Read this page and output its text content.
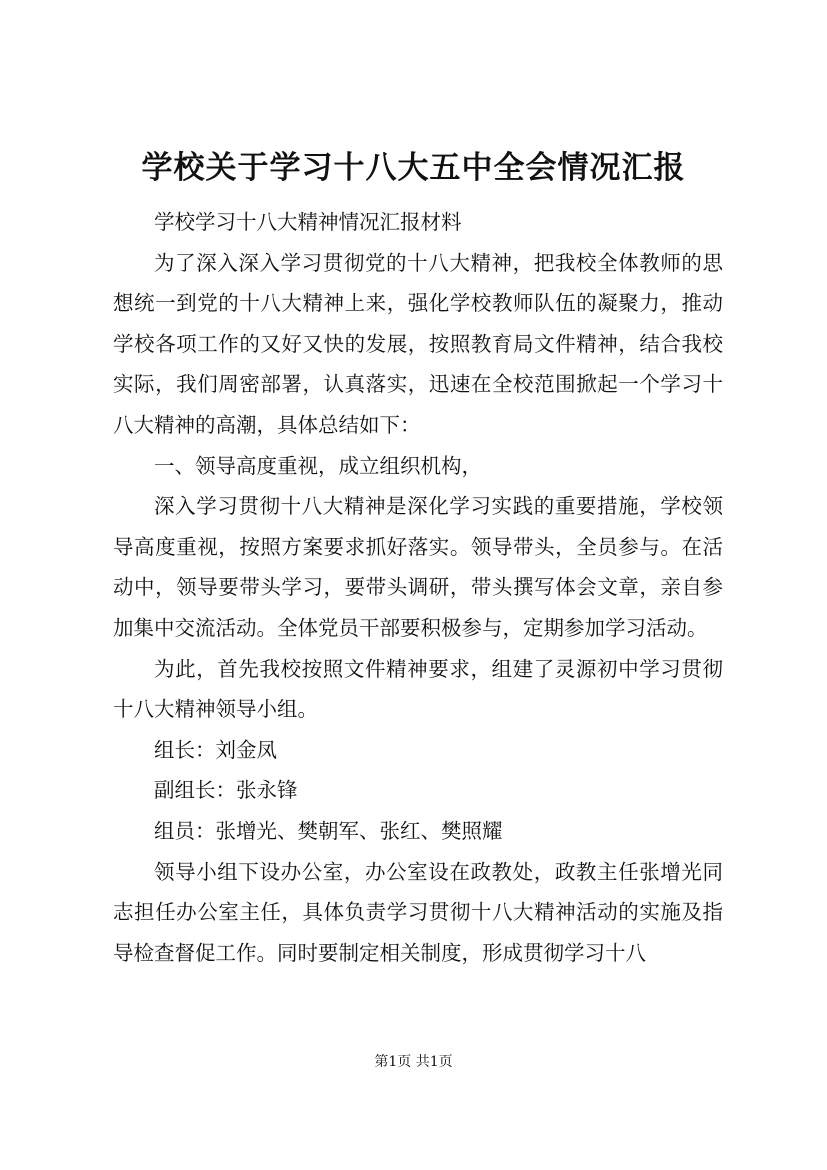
学校关于学习十八大五中全会情况汇报

学校学习十八大精神情况汇报材料

为了深入深入学习贯彻党的十八大精神，把我校全体教师的思想统一到党的十八大精神上来，强化学校教师队伍的凝聚力，推动学校各项工作的又好又快的发展，按照教育局文件精神，结合我校实际，我们周密部署，认真落实，迅速在全校范围掀起一个学习十八大精神的高潮，具体总结如下：

一、领导高度重视，成立组织机构，

深入学习贯彻十八大精神是深化学习实践的重要措施，学校领导高度重视，按照方案要求抓好落实。领导带头，全员参与。在活动中，领导要带头学习，要带头调研，带头撰写体会文章，亲自参加集中交流活动。全体党员干部要积极参与，定期参加学习活动。

为此，首先我校按照文件精神要求，组建了灵源初中学习贯彻十八大精神领导小组。

组长：刘金凤

副组长：张永锋

组员：张增光、樊朝军、张红、樊照耀

领导小组下设办公室，办公室设在政教处，政教主任张增光同志担任办公室主任，具体负责学习贯彻十八大精神活动的实施及指导检查督促工作。同时要制定相关制度，形成贯彻学习十八

第1页 共1页
